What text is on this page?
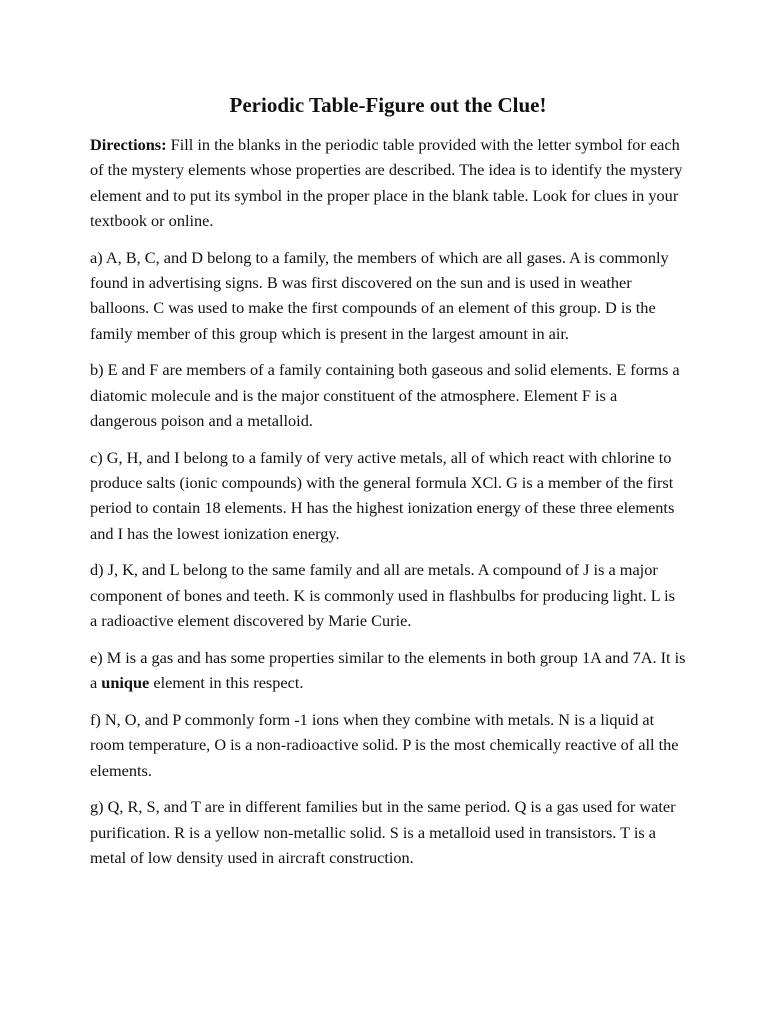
Periodic Table-Figure out the Clue!

Directions: Fill in the blanks in the periodic table provided with the letter symbol for each of the mystery elements whose properties are described. The idea is to identify the mystery element and to put its symbol in the proper place in the blank table. Look for clues in your textbook or online.

a) A, B, C, and D belong to a family, the members of which are all gases. A is commonly found in advertising signs. B was first discovered on the sun and is used in weather balloons. C was used to make the first compounds of an element of this group. D is the family member of this group which is present in the largest amount in air.

b) E and F are members of a family containing both gaseous and solid elements. E forms a diatomic molecule and is the major constituent of the atmosphere. Element F is a dangerous poison and a metalloid.

c) G, H, and I belong to a family of very active metals, all of which react with chlorine to produce salts (ionic compounds) with the general formula XCl. G is a member of the first period to contain 18 elements. H has the highest ionization energy of these three elements and I has the lowest ionization energy.

d) J, K, and L belong to the same family and all are metals. A compound of J is a major component of bones and teeth. K is commonly used in flashbulbs for producing light. L is a radioactive element discovered by Marie Curie.

e) M is a gas and has some properties similar to the elements in both group 1A and 7A. It is a unique element in this respect.

f) N, O, and P commonly form -1 ions when they combine with metals. N is a liquid at room temperature, O is a non-radioactive solid. P is the most chemically reactive of all the elements.

g) Q, R, S, and T are in different families but in the same period. Q is a gas used for water purification. R is a yellow non-metallic solid. S is a metalloid used in transistors. T is a metal of low density used in aircraft construction.
